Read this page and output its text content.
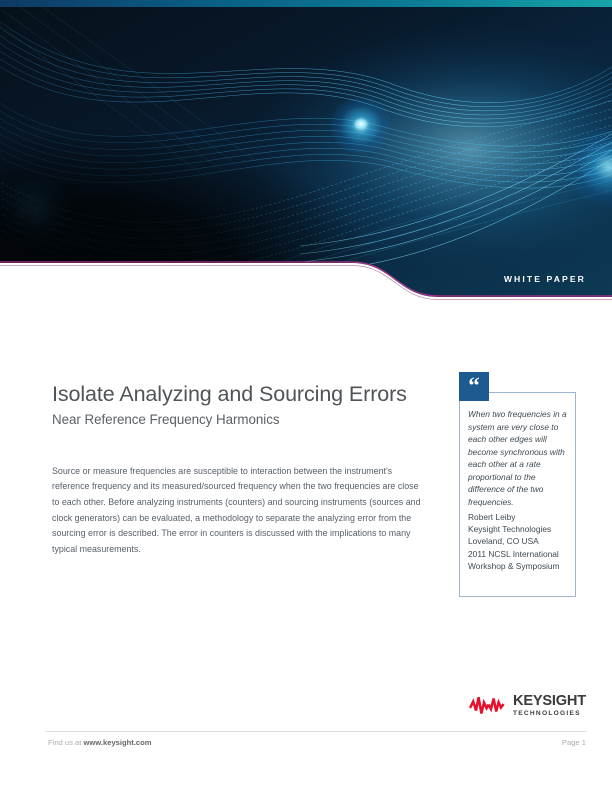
WHITE PAPER
Isolate Analyzing and Sourcing Errors
Near Reference Frequency Harmonics

Source or measure frequencies are susceptible to interaction between the instrument's reference frequency and its measured/sourced frequency when the two frequencies are close to each other. Before analyzing instruments (counters) and sourcing instruments (sources and clock generators) can be evaluated, a methodology to separate the analyzing error from the sourcing error is described. The error in counters is discussed with the implications to many typical measurements.

“
When two frequencies in a system are very close to each other edges will become synchronous with each other at a rate proportional to the difference of the two frequencies.
Robert Leiby
Keysight Technologies
Loveland, CO USA
2011 NCSL International
Workshop & Symposium
KEYSIGHT
TECHNOLOGIES
Find us at www.keysight.com	Page 1
